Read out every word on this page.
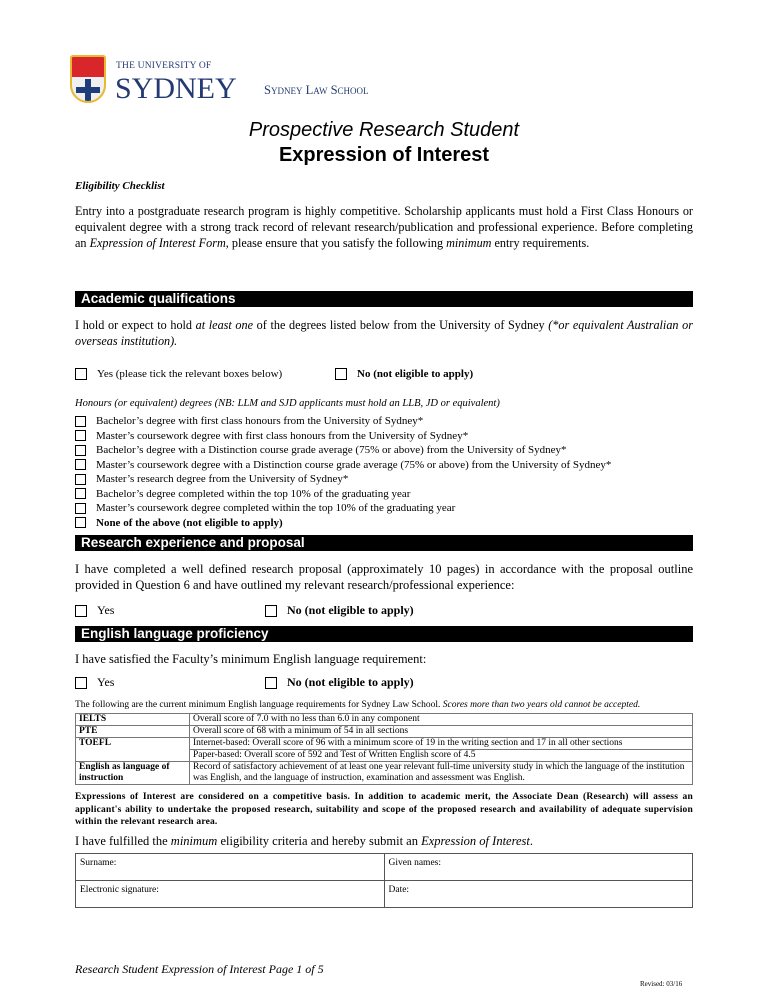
THE UNIVERSITY OF
SYDNEY Sydney Law School
Prospective Research Student
Expression of Interest
Eligibility Checklist
Entry into a postgraduate research program is highly competitive. Scholarship applicants must hold a First Class Honours or equivalent degree with a strong track record of relevant research/publication and professional experience. Before completing an Expression of Interest Form, please ensure that you satisfy the following minimum entry requirements.
Academic qualifications
I hold or expect to hold at least one of the degrees listed below from the University of Sydney (*or equivalent Australian or overseas institution).
Yes (please tick the relevant boxes below)	No (not eligible to apply)
Honours (or equivalent) degrees (NB: LLM and SJD applicants must hold an LLB, JD or equivalent)
Bachelor’s degree with first class honours from the University of Sydney*
Master’s coursework degree with first class honours from the University of Sydney*
Bachelor’s degree with a Distinction course grade average (75% or above) from the University of Sydney*
Master’s coursework degree with a Distinction course grade average (75% or above) from the University of Sydney*
Master’s research degree from the University of Sydney*
Bachelor’s degree completed within the top 10% of the graduating year
Master’s coursework degree completed within the top 10% of the graduating year
None of the above (not eligible to apply)
Research experience and proposal
I have completed a well defined research proposal (approximately 10 pages) in accordance with the proposal outline provided in Question 6 and have outlined my relevant research/professional experience:
Yes	No (not eligible to apply)
English language proficiency
I have satisfied the Faculty’s minimum English language requirement:
Yes	No (not eligible to apply)
The following are the current minimum English language requirements for Sydney Law School. Scores more than two years old cannot be accepted.
IELTS	Overall score of 7.0 with no less than 6.0 in any component
PTE	Overall score of 68 with a minimum of 54 in all sections
TOEFL	Internet-based: Overall score of 96 with a minimum score of 19 in the writing section and 17 in all other sections
	Paper-based: Overall score of 592 and Test of Written English score of 4.5
English as language of instruction	Record of satisfactory achievement of at least one year relevant full-time university study in which the language of the institution was English, and the language of instruction, examination and assessment was English.
Expressions of Interest are considered on a competitive basis. In addition to academic merit, the Associate Dean (Research) will assess an applicant's ability to undertake the proposed research, suitability and scope of the proposed research and availability of adequate supervision within the relevant research area.
I have fulfilled the minimum eligibility criteria and hereby submit an Expression of Interest.
Surname:	Given names:
Electronic signature:	Date:
Research Student Expression of Interest Page 1 of 5
Revised: 03/16
